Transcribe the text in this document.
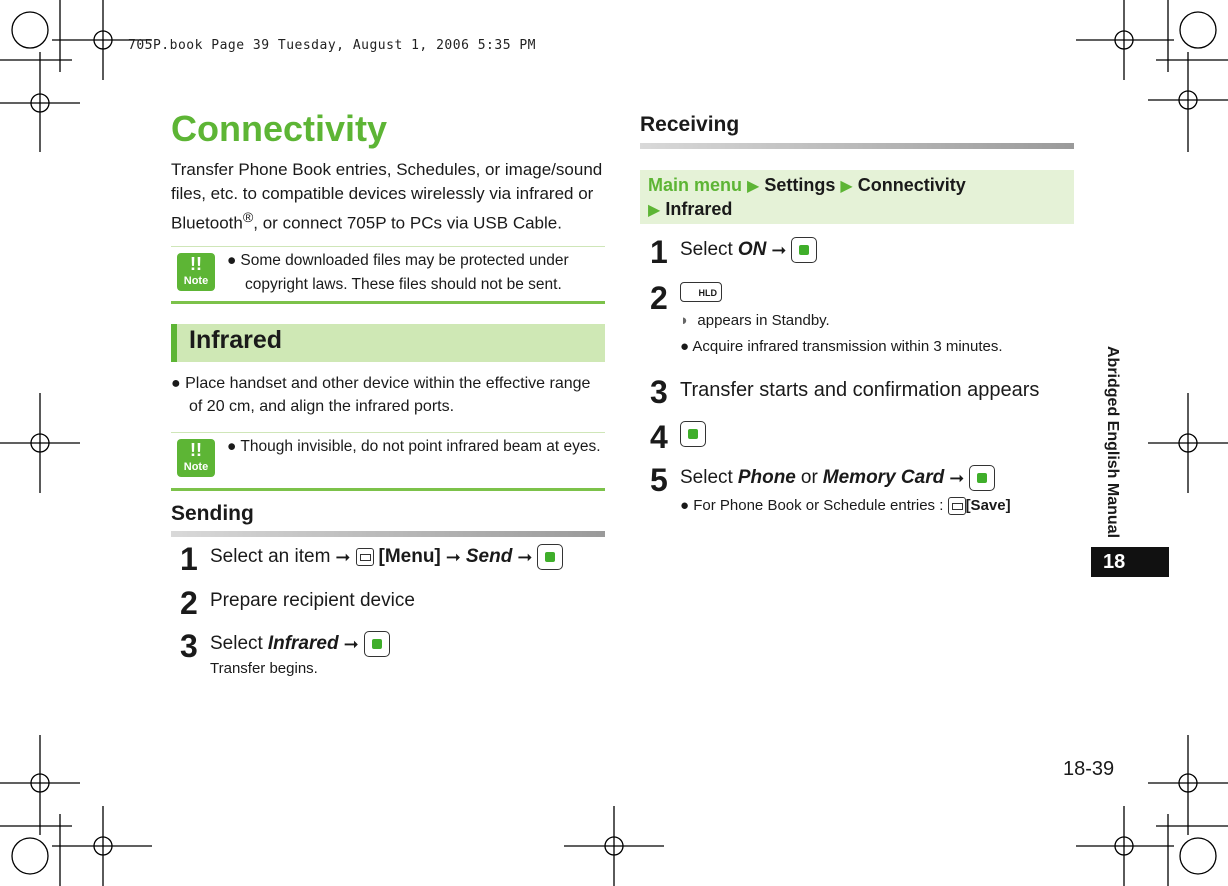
705P.book Page 39 Tuesday, August 1, 2006 5:35 PM
Connectivity
Transfer Phone Book entries, Schedules, or image/sound files, etc. to compatible devices wirelessly via infrared or Bluetooth®, or connect 705P to PCs via USB Cable.
!!
Note
● Some downloaded files may be protected under copyright laws. These files should not be sent.
Infrared
● Place handset and other device within the effective range of 20 cm, and align the infrared ports.
!!
Note
● Though invisible, do not point infrared beam at eyes.
Sending
1 Select an item ➞ [Menu] ➞ Send ➞
2 Prepare recipient device
3 Select Infrared ➞
Transfer begins.
Receiving
Main menu ▶ Settings ▶ Connectivity
▶ Infrared
1 Select ON ➞
2	HLD
◗ appears in Standby.
● Acquire infrared transmission within 3 minutes.
3 Transfer starts and confirmation appears
4
5 Select Phone or Memory Card ➞
● For Phone Book or Schedule entries : [Save]	Abridged English Manual
18
18-39
